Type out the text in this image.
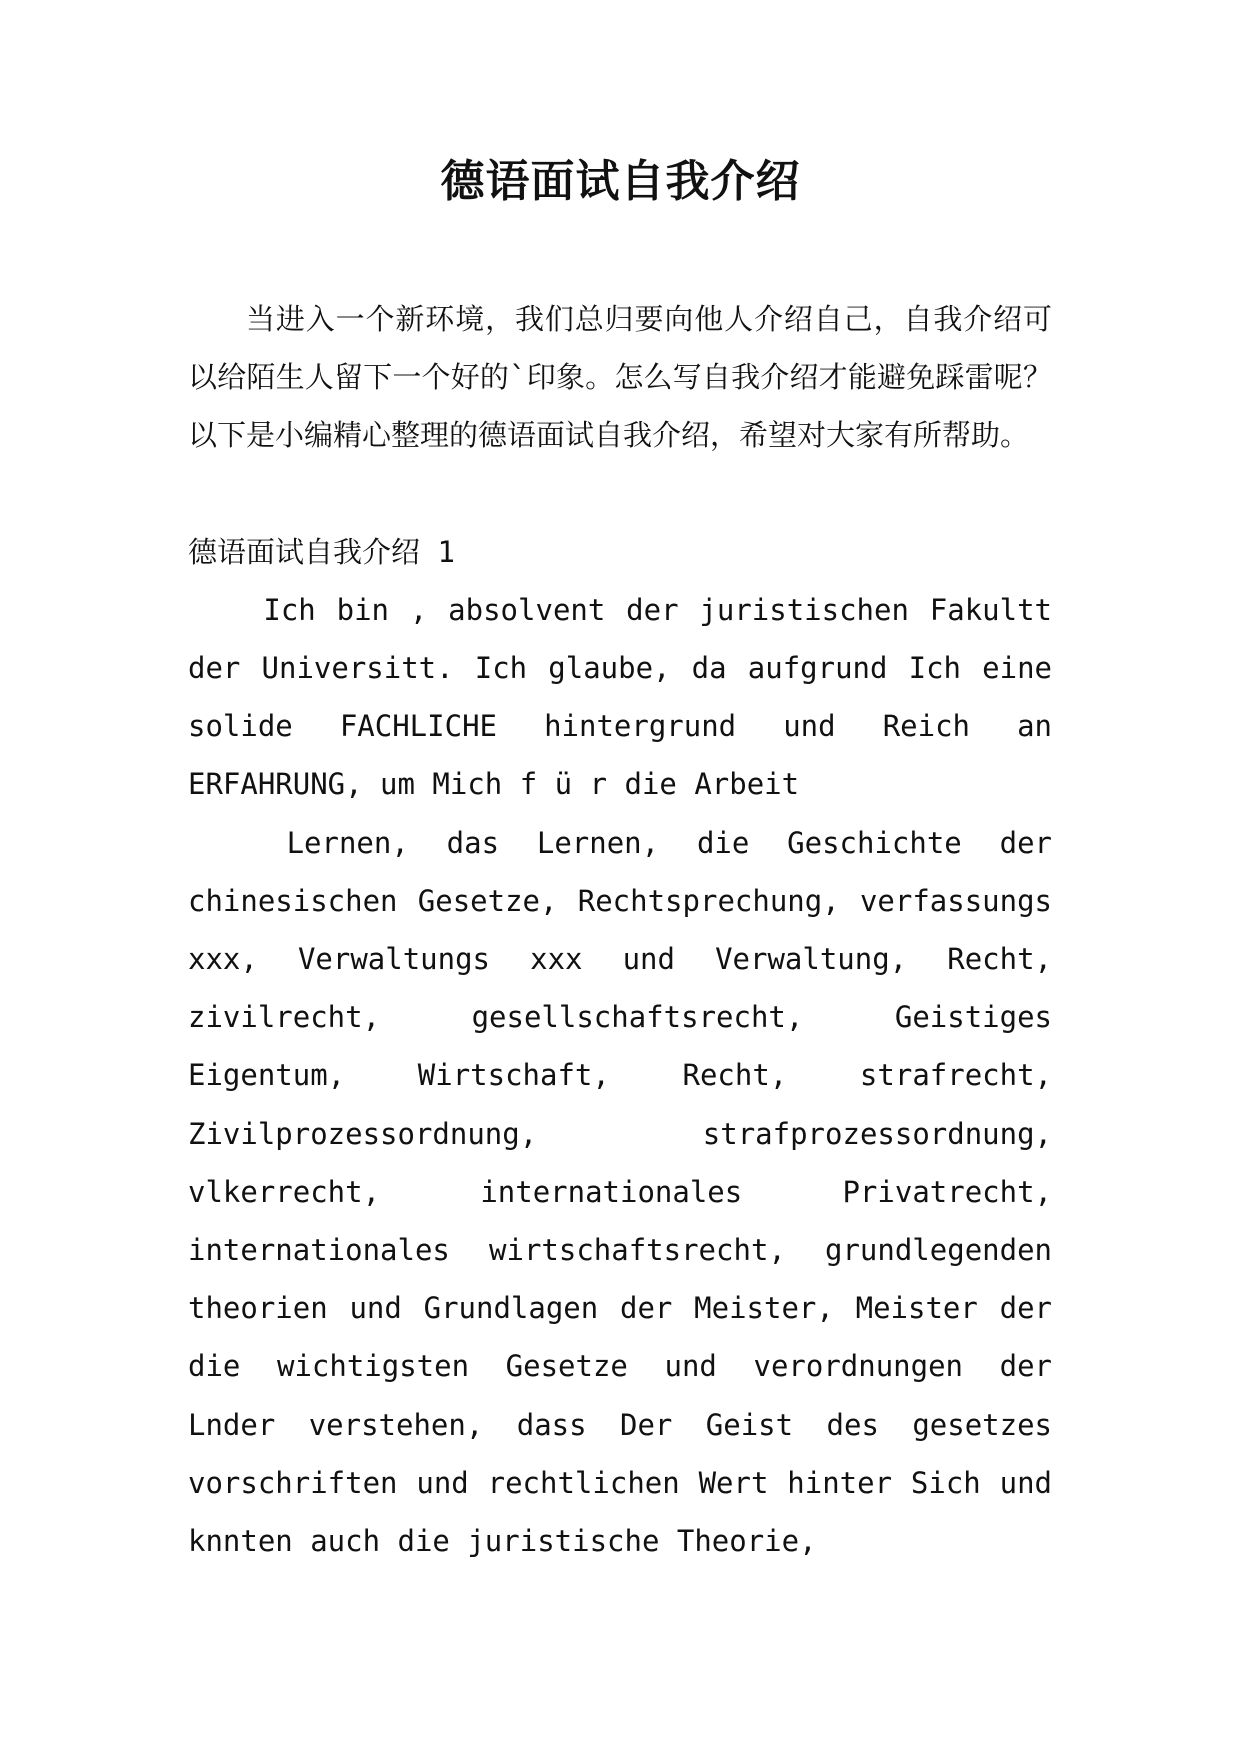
德语面试自我介绍

当进入一个新环境，我们总归要向他人介绍自己，自我介绍可以给陌生人留下一个好的`印象。怎么写自我介绍才能避免踩雷呢？以下是小编精心整理的德语面试自我介绍，希望对大家有所帮助。

德语面试自我介绍 1

Ich bin , absolvent der juristischen Fakultt der Universitt. Ich glaube, da aufgrund Ich eine solide FACHLICHE hintergrund und Reich an ERFAHRUNG, um Mich f ü r die Arbeit

Lernen, das Lernen, die Geschichte der chinesischen Gesetze, Rechtsprechung, verfassungs xxx, Verwaltungs xxx und Verwaltung, Recht, zivilrecht, gesellschaftsrecht, Geistiges Eigentum, Wirtschaft, Recht, strafrecht, Zivilprozessordnung, strafprozessordnung, vlkerrecht, internationales Privatrecht, internationales wirtschaftsrecht, grundlegenden theorien und Grundlagen der Meister, Meister der die wichtigsten Gesetze und verordnungen der Lnder verstehen, dass Der Geist des gesetzes vorschriften und rechtlichen Wert hinter Sich und knnten auch die juristische Theorie,
